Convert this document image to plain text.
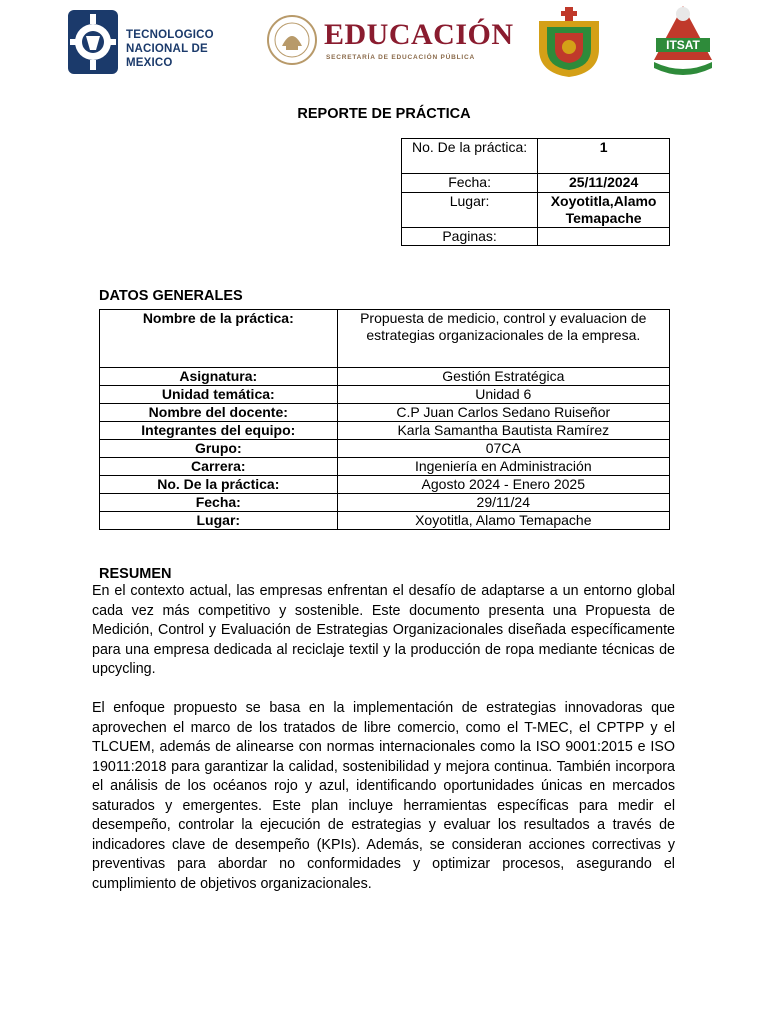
TECNOLOGICO
NACIONAL DE MEXICO
EDUCACIÓN
SECRETARÍA DE EDUCACIÓN PÚBLICA
ITSAT
REPORTE DE PRÁCTICA
No. De la práctica:	1
Fecha:	25/11/2024
Lugar:	Xoyotitla,Alamo Temapache
Paginas:	
DATOS GENERALES
Nombre de la práctica:	Propuesta de medicio, control y evaluacion de estrategias organizacionales de la empresa.
Asignatura:	Gestión Estratégica
Unidad temática:	Unidad 6
Nombre del docente:	C.P Juan Carlos Sedano Ruiseñor
Integrantes del equipo:	Karla Samantha Bautista Ramírez
Grupo:	07CA
Carrera:	Ingeniería en Administración
No. De la práctica:	Agosto 2024 - Enero 2025
Fecha:	29/11/24
Lugar:	Xoyotitla, Alamo Temapache
RESUMEN

En el contexto actual, las empresas enfrentan el desafío de adaptarse a un entorno global cada vez más competitivo y sostenible. Este documento presenta una Propuesta de Medición, Control y Evaluación de Estrategias Organizacionales diseñada específicamente para una empresa dedicada al reciclaje textil y la producción de ropa mediante técnicas de upcycling.

El enfoque propuesto se basa en la implementación de estrategias innovadoras que aprovechen el marco de los tratados de libre comercio, como el T-MEC, el CPTPP y el TLCUEM, además de alinearse con normas internacionales como la ISO 9001:2015 e ISO 19011:2018 para garantizar la calidad, sostenibilidad y mejora continua. También incorpora el análisis de los océanos rojo y azul, identificando oportunidades únicas en mercados saturados y emergentes. Este plan incluye herramientas específicas para medir el desempeño, controlar la ejecución de estrategias y evaluar los resultados a través de indicadores clave de desempeño (KPIs). Además, se consideran acciones correctivas y preventivas para abordar no conformidades y optimizar procesos, asegurando el cumplimiento de objetivos organizacionales.
